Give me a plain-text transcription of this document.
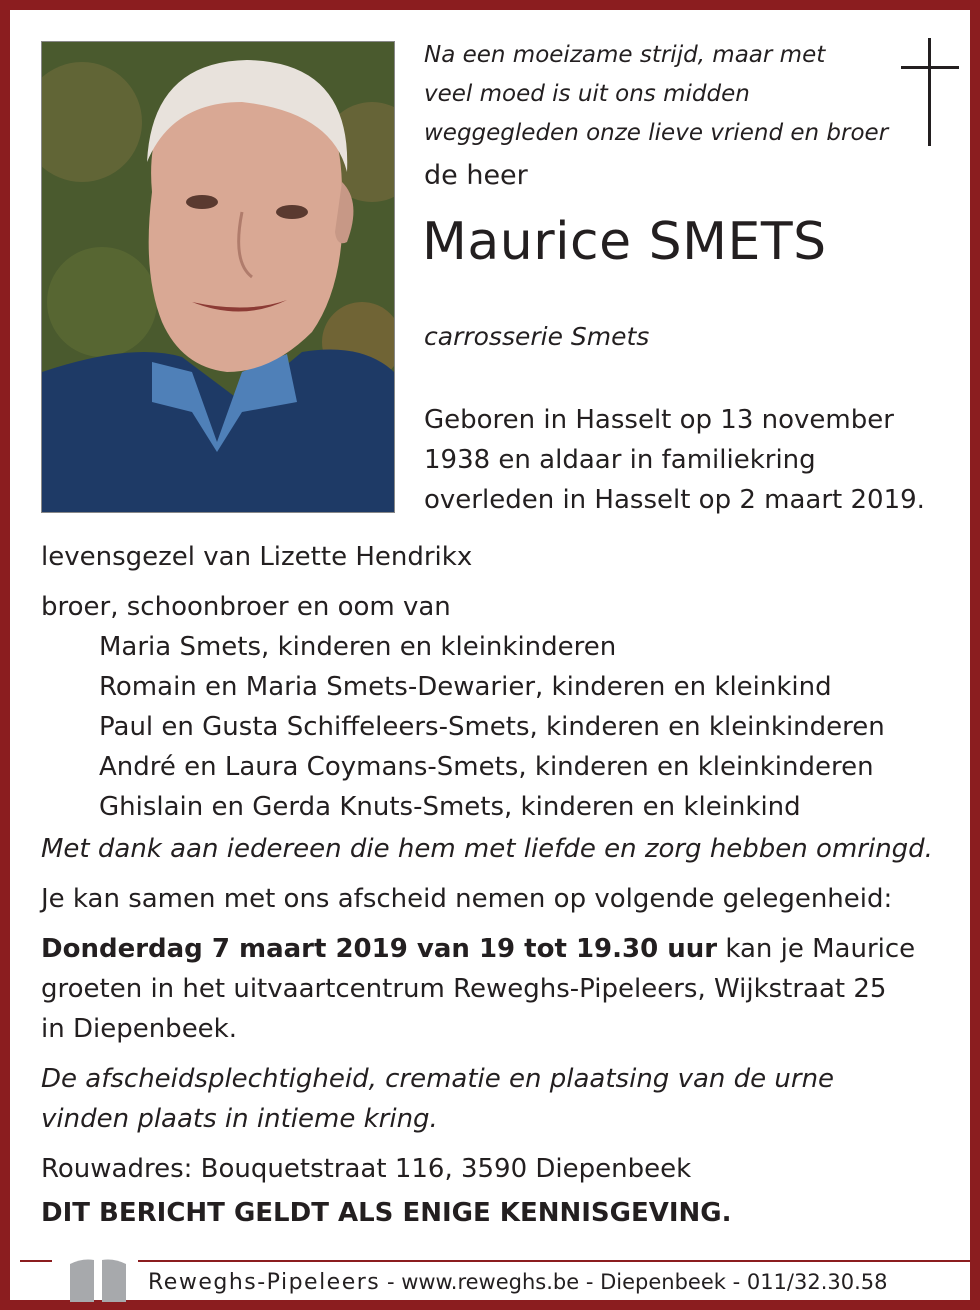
Na een moeizame strijd, maar met
veel moed is uit ons midden
weggegleden onze lieve vriend en broer
de heer
Maurice SMETS
carrosserie Smets
Geboren in Hasselt op 13 november
1938 en aldaar in familiekring
overleden in Hasselt op 2 maart 2019.
levensgezel van Lizette Hendrikx
broer, schoonbroer en oom van
Maria Smets, kinderen en kleinkinderen
Romain en Maria Smets-Dewarier, kinderen en kleinkind
Paul en Gusta Schiffeleers-Smets, kinderen en kleinkinderen
André en Laura Coymans-Smets, kinderen en kleinkinderen
Ghislain en Gerda Knuts-Smets, kinderen en kleinkind
Met dank aan iedereen die hem met liefde en zorg hebben omringd.
Je kan samen met ons afscheid nemen op volgende gelegenheid:
Donderdag 7 maart 2019 van 19 tot 19.30 uur kan je Maurice
groeten in het uitvaartcentrum Reweghs-Pipeleers, Wijkstraat 25
in Diepenbeek.
De afscheidsplechtigheid, crematie en plaatsing van de urne
vinden plaats in intieme kring.
Rouwadres: Bouquetstraat 116, 3590 Diepenbeek
DIT BERICHT GELDT ALS ENIGE KENNISGEVING.
Reweghs-Pipeleers - www.reweghs.be - Diepenbeek - 011/32.30.58
